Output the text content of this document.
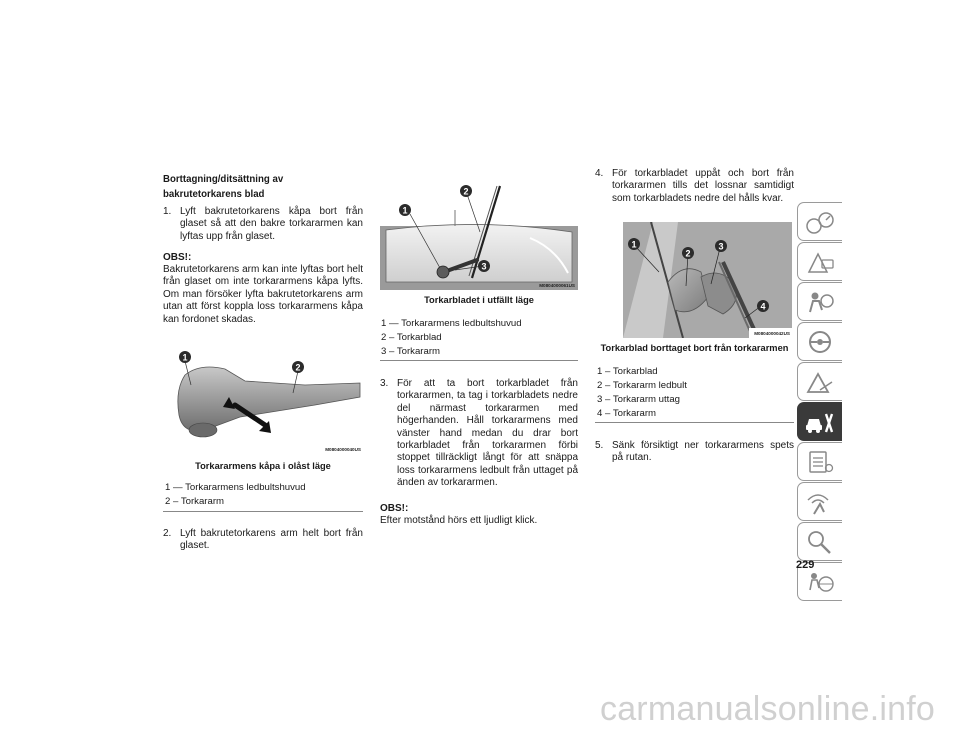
Borttagning/ditsättning av bakrutetorkarens blad
1. Lyft bakrutetorkarens kåpa bort från glaset så att den bakre torkararmen kan lyftas upp från glaset.
OBS!:
Bakrutetorkarens arm kan inte lyftas bort helt från glaset om inte torkararmens kåpa lyfts. Om man försöker lyfta bakrutetorkarens arm utan att först koppla loss torkararmens kåpa kan fordonet skadas.
1
2
M0804000040US
Torkararmens kåpa i olåst läge
1 — Torkararmens ledbultshuvud
2 – Torkararm
2. Lyft bakrutetorkarens arm helt bort från glaset.
1
2
3
M0804000061US
Torkarbladet i utfällt läge
1 — Torkararmens ledbultshuvud
2 – Torkarblad
3 – Torkararm
3. För att ta bort torkarbladet från torkararmen, ta tag i torkarbladets nedre del närmast torkararmen med högerhanden. Håll torkararmens med vänster hand medan du drar bort torkarbladet från torkararmen förbi stoppet tillräckligt långt för att snäppa loss torkararmens ledbult från uttaget på änden av torkararmen.
OBS!:
Efter motstånd hörs ett ljudligt klick.
4. För torkarbladet uppåt och bort från torkararmen tills det lossnar samtidigt som torkarbladets nedre del hålls kvar.
1
2
3
4
M0804000042US
Torkarblad borttaget bort från torkararmen
1 – Torkarblad
2 – Torkararm ledbult
3 – Torkararm uttag
4 – Torkararm
5. Sänk försiktigt ner torkararmens spets på rutan.
229
carmanualsonline.info
